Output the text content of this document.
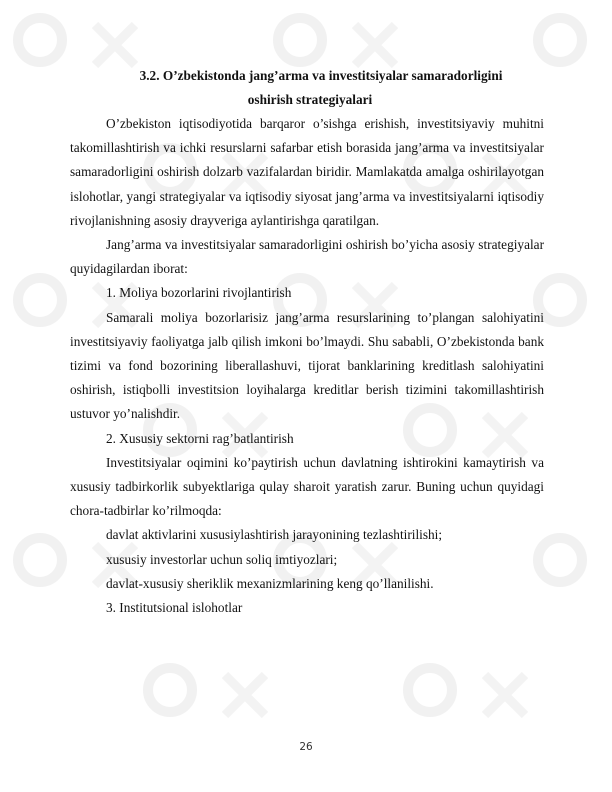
3.2. O’zbekistonda jang’arma va investitsiyalar samaradorligini
oshirish strategiyalari

O’zbekiston iqtisodiyotida barqaror o’sishga erishish, investitsiyaviy muhitni takomillashtirish va ichki resurslarni safarbar etish borasida jang’arma va investitsiyalar samaradorligini oshirish dolzarb vazifalardan biridir. Mamlakatda amalga oshirilayotgan islohotlar, yangi strategiyalar va iqtisodiy siyosat jang’arma va investitsiyalarni iqtisodiy rivojlanishning asosiy drayveriga aylantirishga qaratilgan.

Jang’arma va investitsiyalar samaradorligini oshirish bo’yicha asosiy strategiyalar quyidagilardan iborat:

1. Moliya bozorlarini rivojlantirish

Samarali moliya bozorlarisiz jang’arma resurslarining to’plangan salohiyatini investitsiyaviy faoliyatga jalb qilish imkoni bo’lmaydi. Shu sababli, O’zbekistonda bank tizimi va fond bozorining liberallashuvi, tijorat banklarining kreditlash salohiyatini oshirish, istiqbolli investitsion loyihalarga kreditlar berish tizimini takomillashtirish ustuvor yo’nalishdir.

2. Xususiy sektorni rag’batlantirish

Investitsiyalar oqimini ko’paytirish uchun davlatning ishtirokini kamaytirish va xususiy tadbirkorlik subyektlariga qulay sharoit yaratish zarur. Buning uchun quyidagi chora-tadbirlar ko’rilmoqda:

davlat aktivlarini xususiylashtirish jarayonining tezlashtirilishi;

xususiy investorlar uchun soliq imtiyozlari;

davlat-xususiy sheriklik mexanizmlarining keng qo’llanilishi.

3. Institutsional islohotlar

26
